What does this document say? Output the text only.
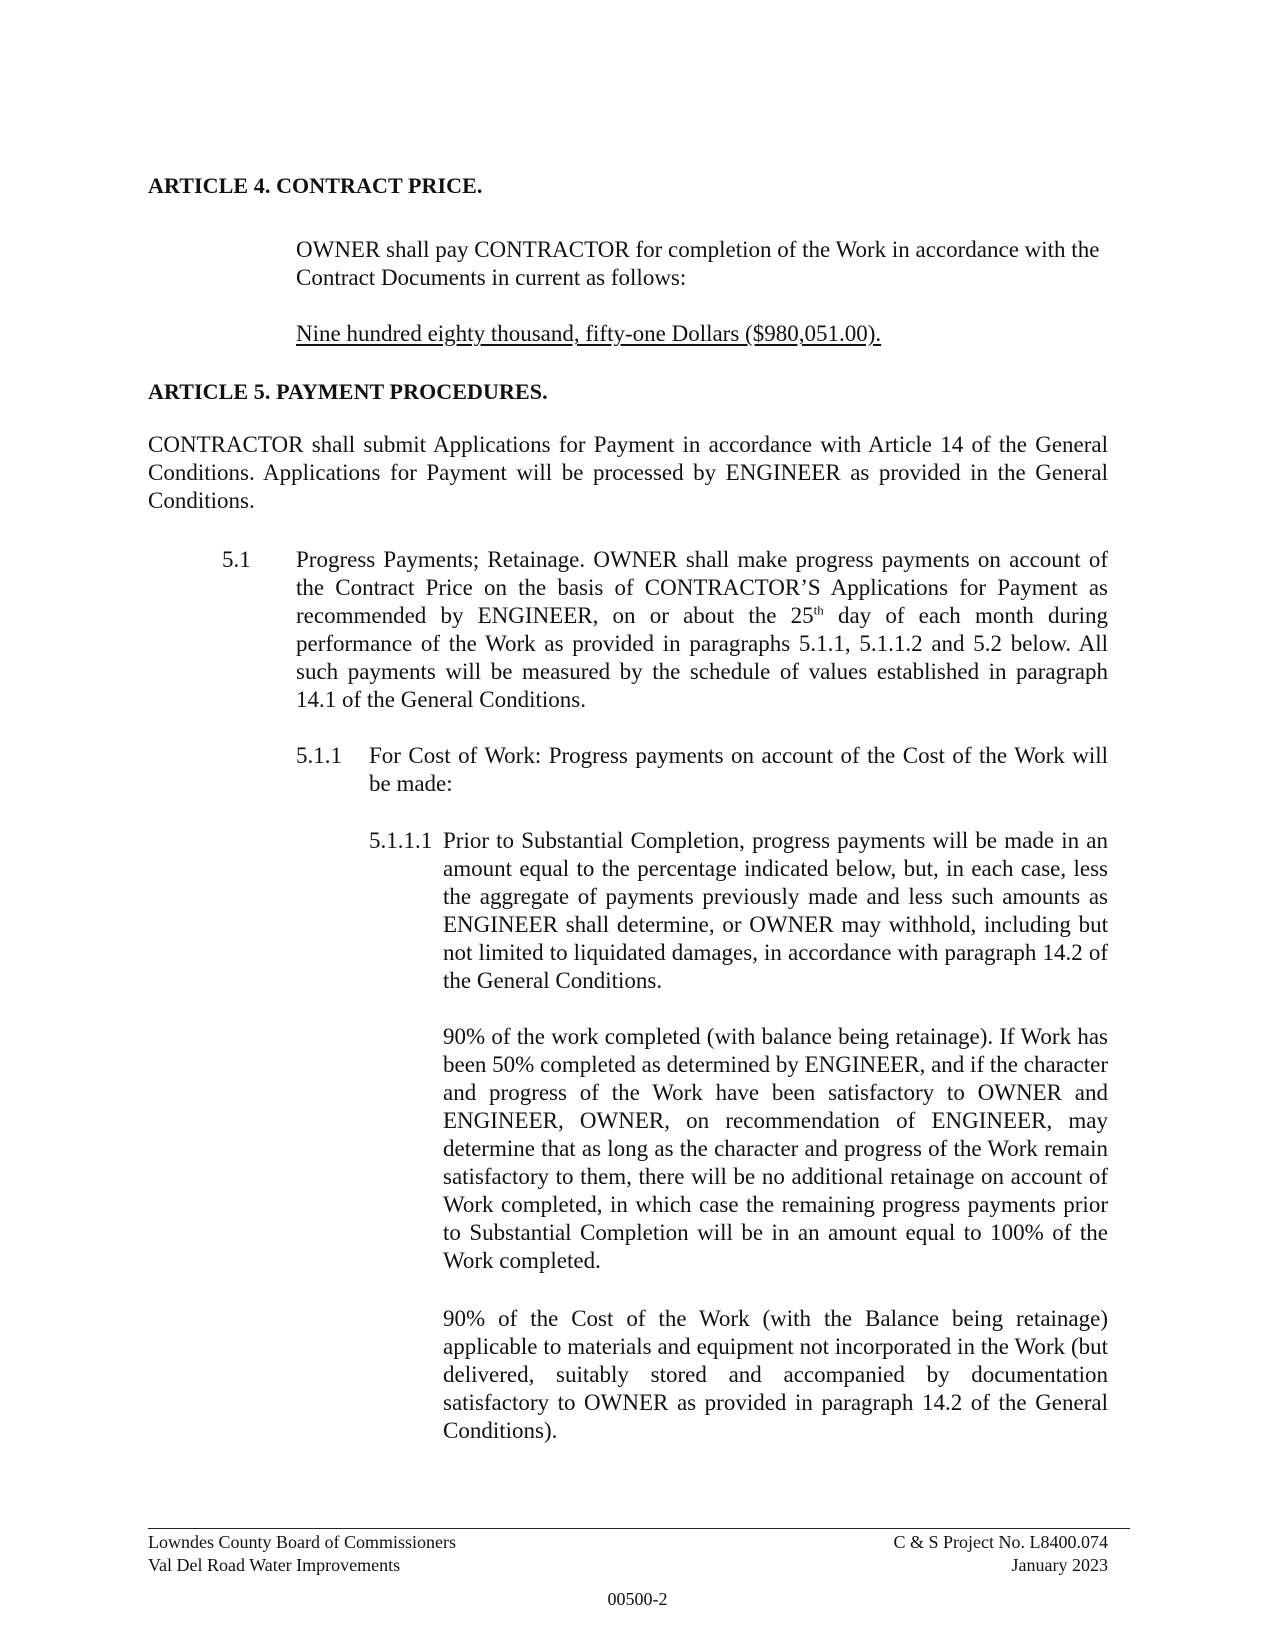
ARTICLE 4. CONTRACT PRICE.
OWNER shall pay CONTRACTOR for completion of the Work in accordance with the Contract Documents in current as follows:
Nine hundred eighty thousand, fifty-one Dollars ($980,051.00).
ARTICLE 5. PAYMENT PROCEDURES.
CONTRACTOR shall submit Applications for Payment in accordance with Article 14 of the General Conditions. Applications for Payment will be processed by ENGINEER as provided in the General Conditions.
5.1 Progress Payments; Retainage. OWNER shall make progress payments on account of the Contract Price on the basis of CONTRACTOR’S Applications for Payment as recommended by ENGINEER, on or about the 25th day of each month during performance of the Work as provided in paragraphs 5.1.1, 5.1.1.2 and 5.2 below. All such payments will be measured by the schedule of values established in paragraph 14.1 of the General Conditions.
5.1.1 For Cost of Work: Progress payments on account of the Cost of the Work will be made:
5.1.1.1 Prior to Substantial Completion, progress payments will be made in an amount equal to the percentage indicated below, but, in each case, less the aggregate of payments previously made and less such amounts as ENGINEER shall determine, or OWNER may withhold, including but not limited to liquidated damages, in accordance with paragraph 14.2 of the General Conditions.
90% of the work completed (with balance being retainage). If Work has been 50% completed as determined by ENGINEER, and if the character and progress of the Work have been satisfactory to OWNER and ENGINEER, OWNER, on recommendation of ENGINEER, may determine that as long as the character and progress of the Work remain satisfactory to them, there will be no additional retainage on account of Work completed, in which case the remaining progress payments prior to Substantial Completion will be in an amount equal to 100% of the Work completed.
90% of the Cost of the Work (with the Balance being retainage) applicable to materials and equipment not incorporated in the Work (but delivered, suitably stored and accompanied by documentation satisfactory to OWNER as provided in paragraph 14.2 of the General Conditions).
Lowndes County Board of Commissioners
Val Del Road Water Improvements
C & S Project No. L8400.074
January 2023
00500-2
